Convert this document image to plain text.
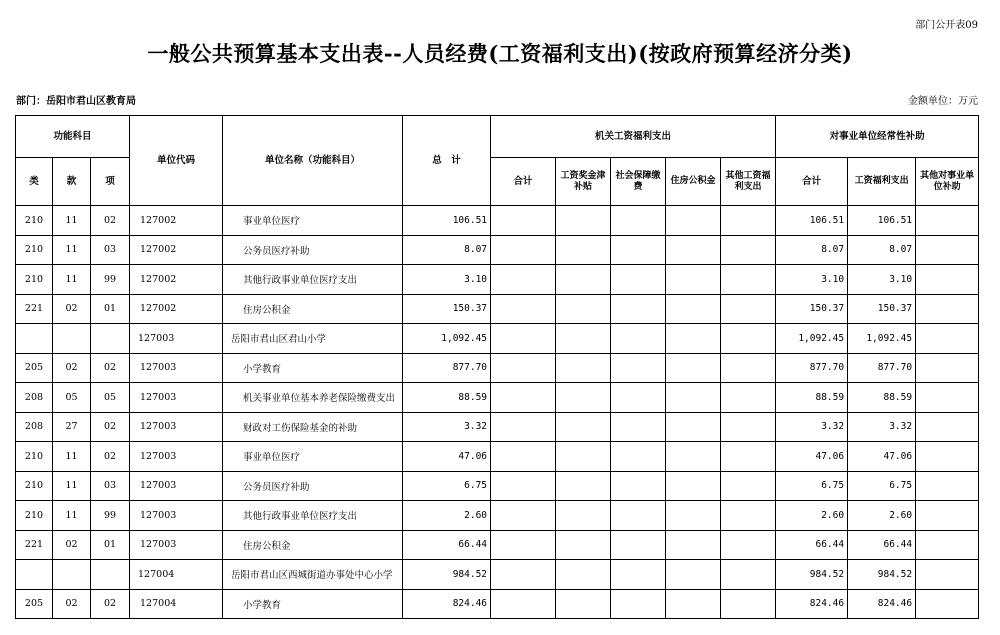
部门公开表09
一般公共预算基本支出表--人员经费(工资福利支出)(按政府预算经济分类)
部门：岳阳市君山区教育局	金额单位：万元
功能科目			单位代码	单位名称（功能科目）	总　计	机关工资福利支出					对事业单位经常性补助		
类	款	项				合计	工资奖金津补贴	社会保障缴费	住房公积金	其他工资福利支出	合计	工资福利支出	其他对事业单位补助
210	11	02	127002	事业单位医疗	106.51						106.51	106.51	
210	11	03	127002	公务员医疗补助	8.07						8.07	8.07	
210	11	99	127002	其他行政事业单位医疗支出	3.10						3.10	3.10	
221	02	01	127002	住房公积金	150.37						150.37	150.37	
			127003	岳阳市君山区君山小学	1,092.45						1,092.45	1,092.45	
205	02	02	127003	小学教育	877.70						877.70	877.70	
208	05	05	127003	机关事业单位基本养老保险缴费支出	88.59						88.59	88.59	
208	27	02	127003	财政对工伤保险基金的补助	3.32						3.32	3.32	
210	11	02	127003	事业单位医疗	47.06						47.06	47.06	
210	11	03	127003	公务员医疗补助	6.75						6.75	6.75	
210	11	99	127003	其他行政事业单位医疗支出	2.60						2.60	2.60	
221	02	01	127003	住房公积金	66.44						66.44	66.44	
			127004	岳阳市君山区西城街道办事处中心小学	984.52						984.52	984.52	
205	02	02	127004	小学教育	824.46						824.46	824.46	
